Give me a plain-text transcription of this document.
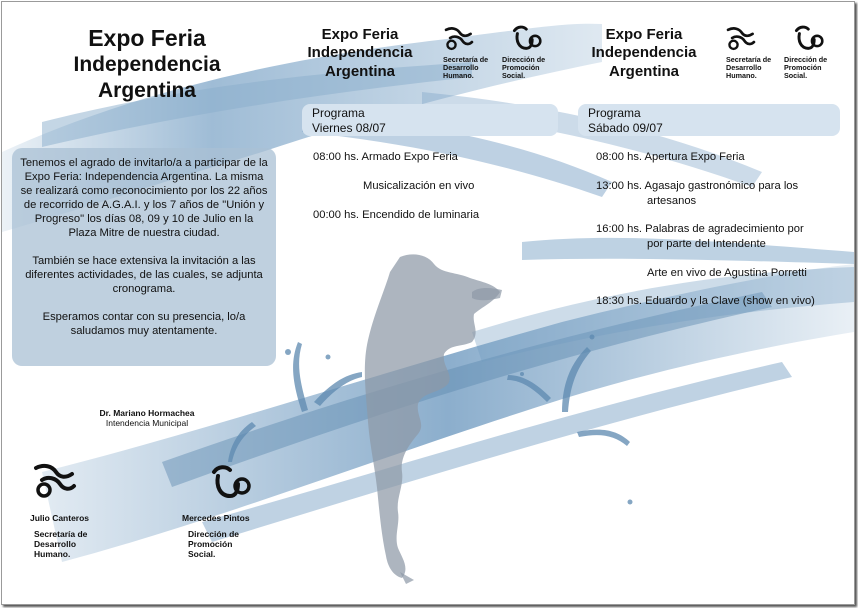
Expo Feria
Independencia
Argentina

Tenemos el agrado de invitarlo/a a participar de la Expo Feria: Independencia Argentina. La misma se realizará como reconocimiento por los 22 años de recorrido de A.G.A.I. y los 7 años de "Unión y Progreso" los días 08, 09 y 10 de Julio en la Plaza Mitre de nuestra ciudad.

También se hace extensiva la invitación a las diferentes actividades, de las cuales, se adjunta cronograma.

Esperamos contar con su presencia, lo/a saludamos muy atentamente.

Dr. Mariano Hormachea
Intendencia Municipal
Julio Canteros
Secretaría de
Desarrollo
Humano.
Mercedes Pintos
Dirección de
Promoción
Social.
Expo Feria
Independencia
Argentina
Secretaría de
Desarrollo
Humano.
Dirección de
Promoción
Social.
Programa
Viernes 08/07
08:00 hs. Armado Expo Feria
Musicalización en vivo
00:00 hs. Encendido de luminaria
Expo Feria
Independencia
Argentina
Secretaría de
Desarrollo
Humano.
Dirección de
Promoción
Social.
Programa
Sábado 09/07
08:00 hs. Apertura Expo Feria
13:00 hs. Agasajo gastronómico para los
artesanos
16:00 hs. Palabras de agradecimiento por
por parte del Intendente
Arte en vivo de Agustina Porretti
18:30 hs. Eduardo y la Clave (show en vivo)
